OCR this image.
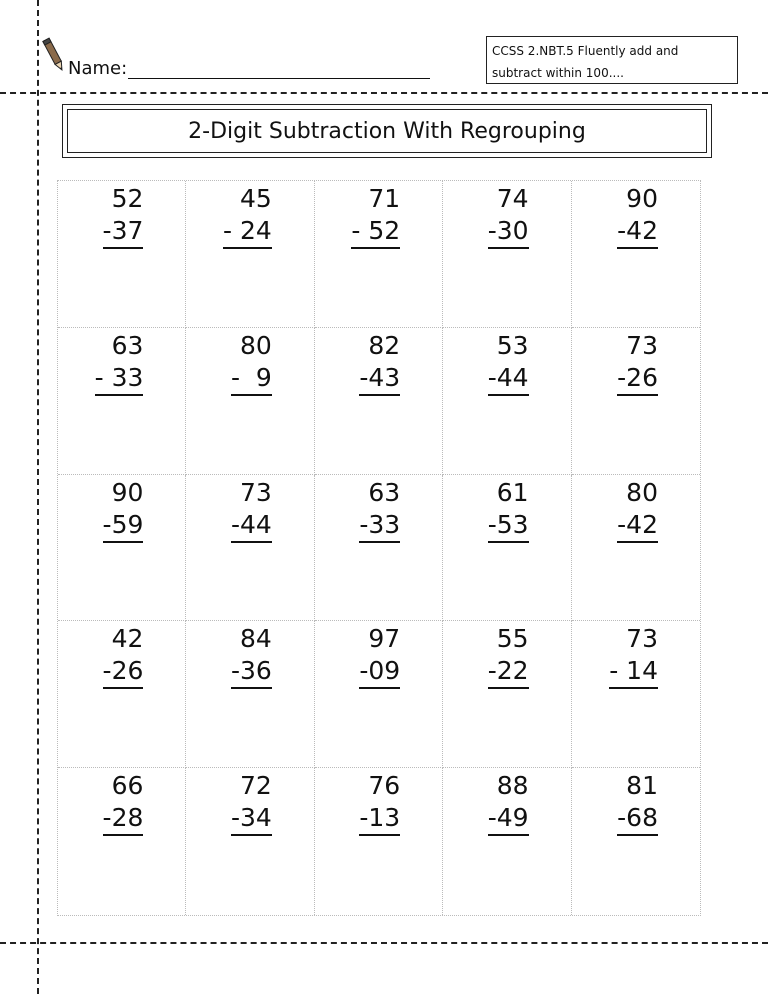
Name:
CCSS 2.NBT.5 Fluently add and
subtract within 100....
2-Digit Subtraction With Regrouping
52
-37
45
- 24
71
- 52
74
-30
90
-42
63
- 33
80
-  9
82
-43
53
-44
73
-26
90
-59
73
-44
63
-33
61
-53
80
-42
42
-26
84
-36
97
-09
55
-22
73
- 14
66
-28
72
-34
76
-13
88
-49
81
-68
